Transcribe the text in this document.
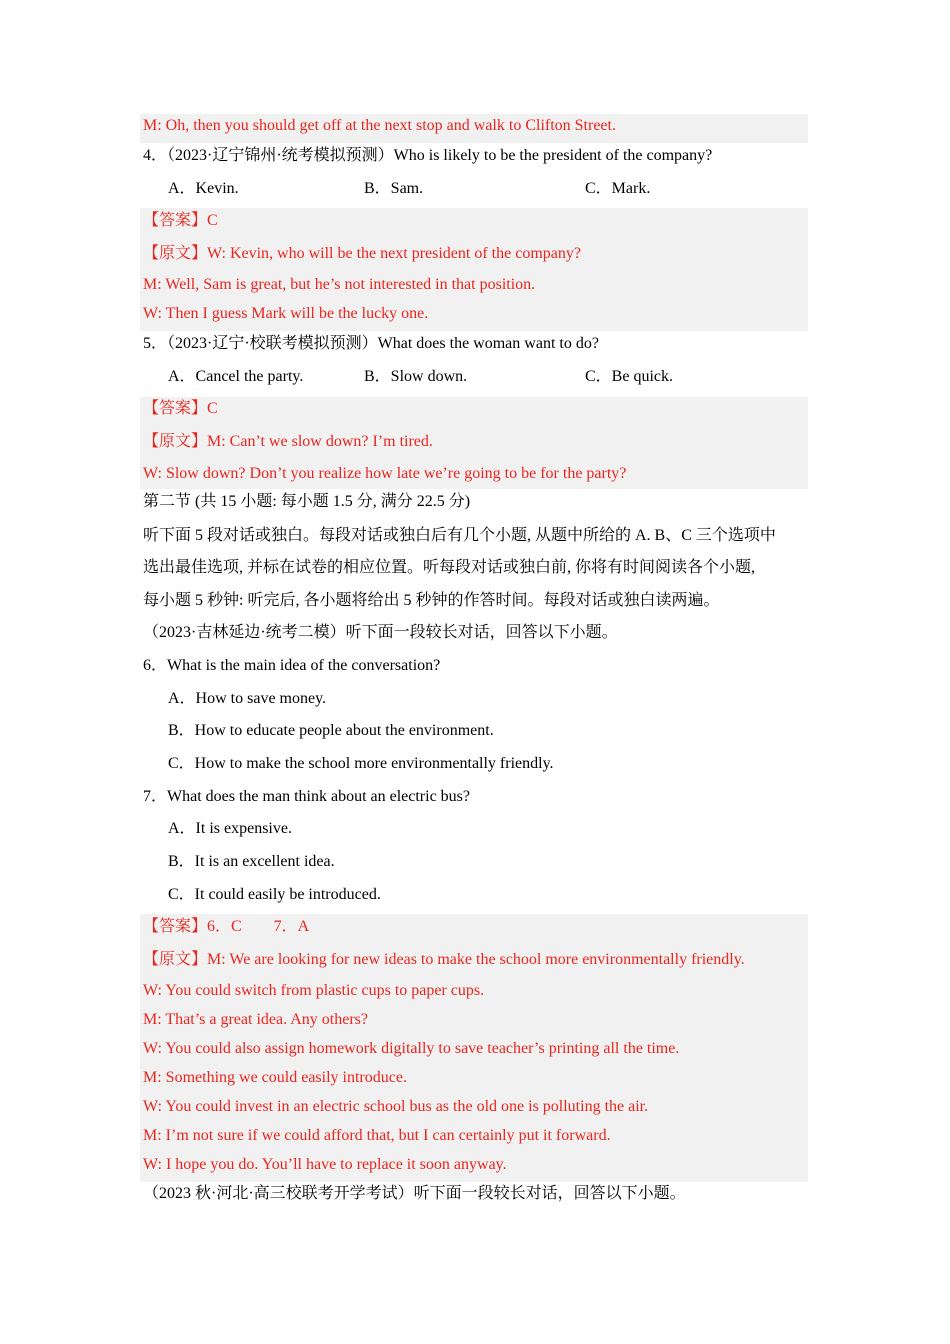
M: Oh, then you should get off at the next stop and walk to Clifton Street.
4．（2023·辽宁锦州·统考模拟预测）Who is likely to be the president of the company?
A．Kevin.	B．Sam.	C．Mark.
【答案】C
【原文】W: Kevin, who will be the next president of the company?
M: Well, Sam is great, but he’s not interested in that position.
W: Then I guess Mark will be the lucky one.
5．（2023·辽宁·校联考模拟预测）What does the woman want to do?
A．Cancel the party.	B．Slow down.	C．Be quick.
【答案】C
【原文】M: Can’t we slow down? I’m tired.
W: Slow down? Don’t you realize how late we’re going to be for the party?
第二节 (共 15 小题: 每小题 1.5 分, 满分 22.5 分)
听下面 5 段对话或独白。每段对话或独白后有几个小题, 从题中所给的 A. B、C 三个选项中
选出最佳选项, 并标在试卷的相应位置。听每段对话或独白前, 你将有时间阅读各个小题,
每小题 5 秒钟: 听完后, 各小题将给出 5 秒钟的作答时间。每段对话或独白读两遍。
（2023·吉林延边·统考二模）听下面一段较长对话，回答以下小题。
6．What is the main idea of the conversation?
A．How to save money.
B．How to educate people about the environment.
C．How to make the school more environmentally friendly.
7．What does the man think about an electric bus?
A．It is expensive.
B．It is an excellent idea.
C．It could easily be introduced.
【答案】6．C        7．A
【原文】M: We are looking for new ideas to make the school more environmentally friendly.
W: You could switch from plastic cups to paper cups.
M: That’s a great idea. Any others?
W: You could also assign homework digitally to save teacher’s printing all the time.
M: Something we could easily introduce.
W: You could invest in an electric school bus as the old one is polluting the air.
M: I’m not sure if we could afford that, but I can certainly put it forward.
W: I hope you do. You’ll have to replace it soon anyway.
（2023 秋·河北·高三校联考开学考试）听下面一段较长对话，回答以下小题。
